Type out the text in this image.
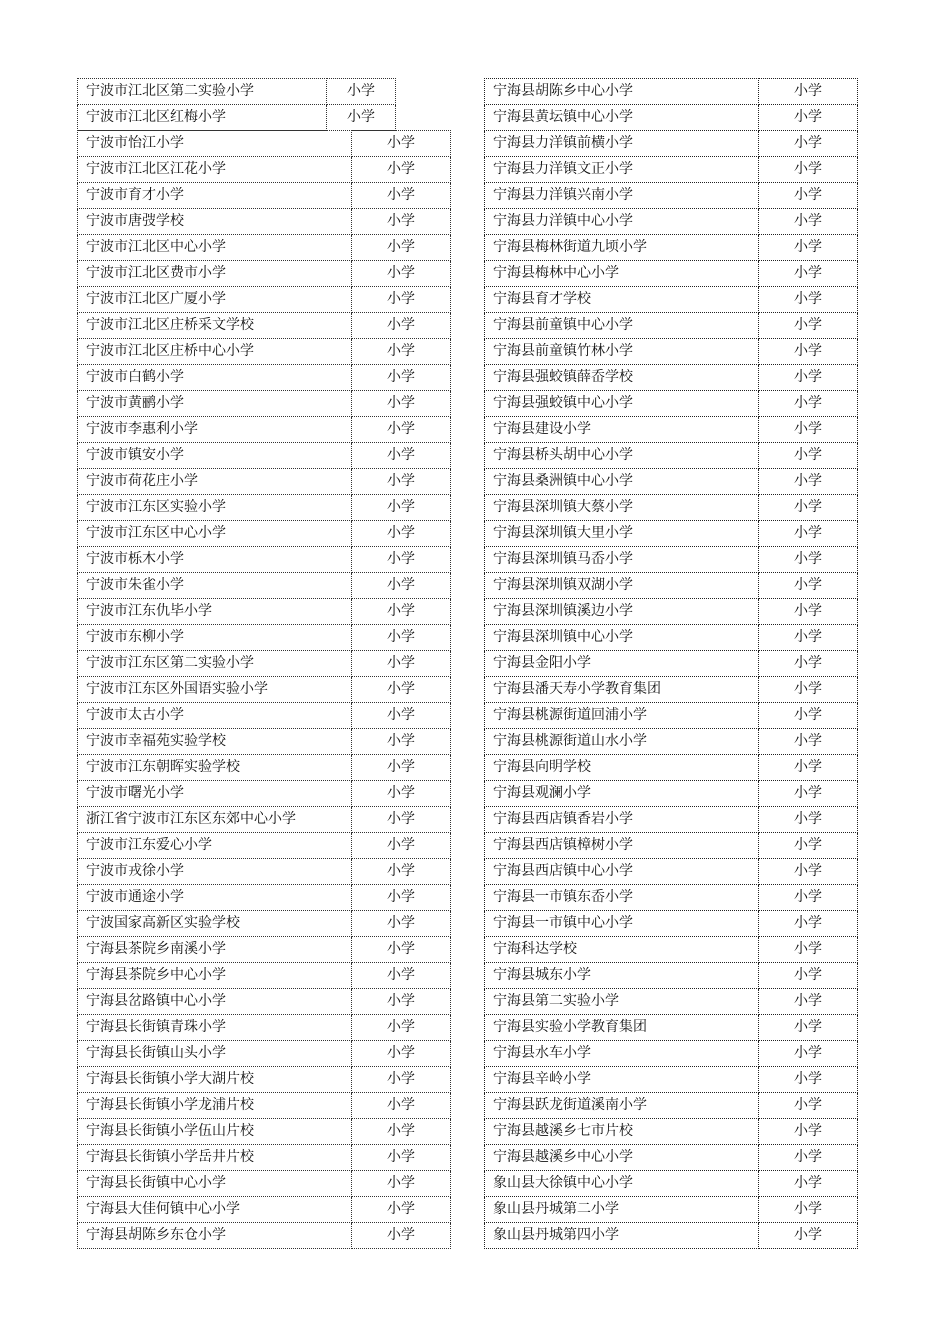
宁波市江北区第二实验小学	小学
宁波市江北区红梅小学	小学
宁波市怡江小学	小学
宁波市江北区江花小学	小学
宁波市育才小学	小学
宁波市唐弢学校	小学
宁波市江北区中心小学	小学
宁波市江北区费市小学	小学
宁波市江北区广厦小学	小学
宁波市江北区庄桥采文学校	小学
宁波市江北区庄桥中心小学	小学
宁波市白鹤小学	小学
宁波市黄鹂小学	小学
宁波市李惠利小学	小学
宁波市镇安小学	小学
宁波市荷花庄小学	小学
宁波市江东区实验小学	小学
宁波市江东区中心小学	小学
宁波市栎木小学	小学
宁波市朱雀小学	小学
宁波市江东仇毕小学	小学
宁波市东柳小学	小学
宁波市江东区第二实验小学	小学
宁波市江东区外国语实验小学	小学
宁波市太古小学	小学
宁波市幸福苑实验学校	小学
宁波市江东朝晖实验学校	小学
宁波市曙光小学	小学
浙江省宁波市江东区东郊中心小学	小学
宁波市江东爱心小学	小学
宁波市戎徐小学	小学
宁波市通途小学	小学
宁波国家高新区实验学校	小学
宁海县茶院乡南溪小学	小学
宁海县茶院乡中心小学	小学
宁海县岔路镇中心小学	小学
宁海县长街镇青珠小学	小学
宁海县长街镇山头小学	小学
宁海县长街镇小学大湖片校	小学
宁海县长街镇小学龙浦片校	小学
宁海县长街镇小学伍山片校	小学
宁海县长街镇小学岳井片校	小学
宁海县长街镇中心小学	小学
宁海县大佳何镇中心小学	小学
宁海县胡陈乡东仓小学	小学
宁海县胡陈乡中心小学	小学
宁海县黄坛镇中心小学	小学
宁海县力洋镇前横小学	小学
宁海县力洋镇文正小学	小学
宁海县力洋镇兴南小学	小学
宁海县力洋镇中心小学	小学
宁海县梅林街道九顷小学	小学
宁海县梅林中心小学	小学
宁海县育才学校	小学
宁海县前童镇中心小学	小学
宁海县前童镇竹林小学	小学
宁海县强蛟镇薛岙学校	小学
宁海县强蛟镇中心小学	小学
宁海县建设小学	小学
宁海县桥头胡中心小学	小学
宁海县桑洲镇中心小学	小学
宁海县深圳镇大蔡小学	小学
宁海县深圳镇大里小学	小学
宁海县深圳镇马岙小学	小学
宁海县深圳镇双湖小学	小学
宁海县深圳镇溪边小学	小学
宁海县深圳镇中心小学	小学
宁海县金阳小学	小学
宁海县潘天寿小学教育集团	小学
宁海县桃源街道回浦小学	小学
宁海县桃源街道山水小学	小学
宁海县向明学校	小学
宁海县观澜小学	小学
宁海县西店镇香岩小学	小学
宁海县西店镇樟树小学	小学
宁海县西店镇中心小学	小学
宁海县一市镇东岙小学	小学
宁海县一市镇中心小学	小学
宁海科达学校	小学
宁海县城东小学	小学
宁海县第二实验小学	小学
宁海县实验小学教育集团	小学
宁海县水车小学	小学
宁海县辛岭小学	小学
宁海县跃龙街道溪南小学	小学
宁海县越溪乡七市片校	小学
宁海县越溪乡中心小学	小学
象山县大徐镇中心小学	小学
象山县丹城第二小学	小学
象山县丹城第四小学	小学
